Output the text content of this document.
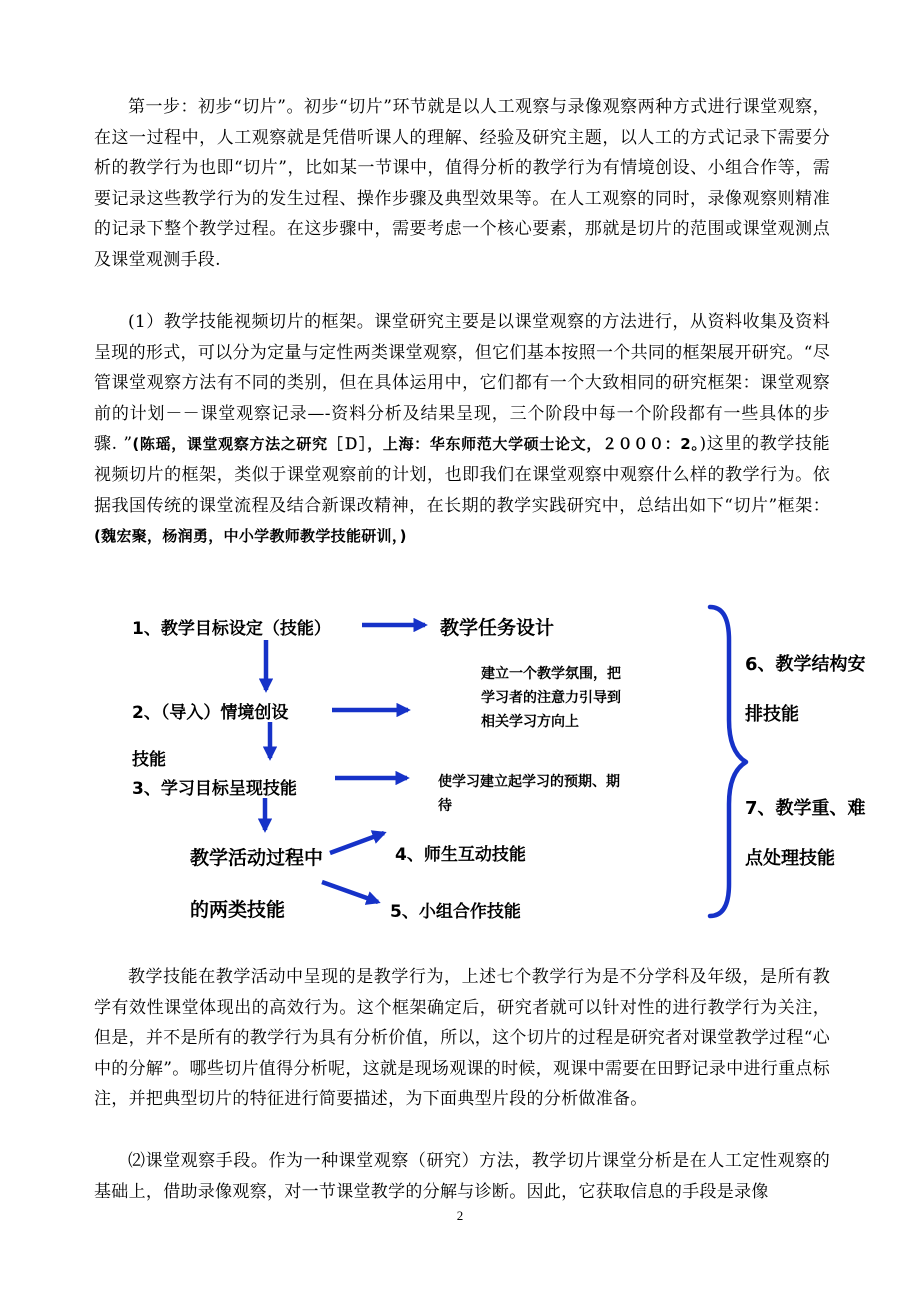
第一步：初步“切片”。初步“切片”环节就是以人工观察与录像观察两种方式进行课堂观察，在这一过程中，人工观察就是凭借听课人的理解、经验及研究主题，以人工的方式记录下需要分析的教学行为也即“切片”，比如某一节课中，值得分析的教学行为有情境创设、小组合作等，需要记录这些教学行为的发生过程、操作步骤及典型效果等。在人工观察的同时，录像观察则精准的记录下整个教学过程。在这步骤中，需要考虑一个核心要素，那就是切片的范围或课堂观测点及课堂观测手段.

(1）教学技能视频切片的框架。课堂研究主要是以课堂观察的方法进行，从资料收集及资料呈现的形式，可以分为定量与定性两类课堂观察，但它们基本按照一个共同的框架展开研究。“尽管课堂观察方法有不同的类别，但在具体运用中，它们都有一个大致相同的研究框架：课堂观察前的计划－－课堂观察记录—-资料分析及结果呈现，三个阶段中每一个阶段都有一些具体的步骤. ”(陈瑶，课堂观察方法之研究［Ｄ］，上海：华东师范大学硕士论文，２０００：2。)这里的教学技能视频切片的框架，类似于课堂观察前的计划，也即我们在课堂观察中观察什么样的教学行为。依据我国传统的课堂流程及结合新课改精神，在长期的教学实践研究中，总结出如下“切片”框架：(魏宏聚，杨润勇，中小学教师教学技能研训，)

1、教学目标设定（技能）	教学任务设计
2、（导入）情境创设
技能
建立一个教学氛围，把学习者的注意力引导到相关学习方向上
3、学习目标呈现技能	使学习建立起学习的预期、期待
教学活动过程中的两类技能
4、师生互动技能
5、小组合作技能
6、教学结构安排技能
7、教学重、难点处理技能

教学技能在教学活动中呈现的是教学行为，上述七个教学行为是不分学科及年级，是所有教学有效性课堂体现出的高效行为。这个框架确定后，研究者就可以针对性的进行教学行为关注，但是，并不是所有的教学行为具有分析价值，所以，这个切片的过程是研究者对课堂教学过程“心中的分解”。哪些切片值得分析呢，这就是现场观课的时候，观课中需要在田野记录中进行重点标注，并把典型切片的特征进行简要描述，为下面典型片段的分析做准备。

⑵课堂观察手段。作为一种课堂观察（研究）方法，教学切片课堂分析是在人工定性观察的基础上，借助录像观察，对一节课堂教学的分解与诊断。因此，它获取信息的手段是录像

2
